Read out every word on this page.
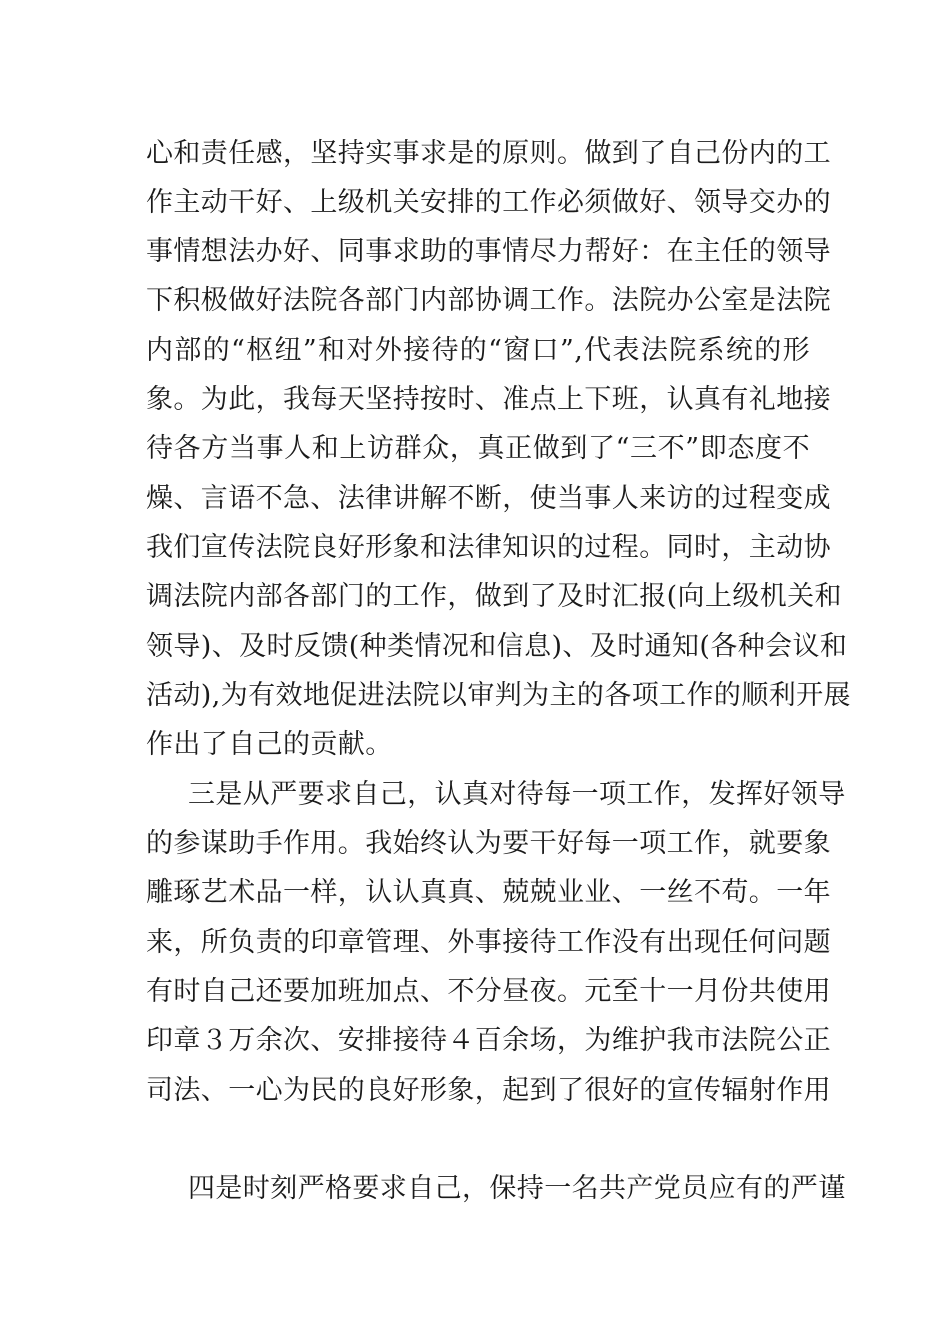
心和责任感，坚持实事求是的原则。做到了自己份内的工
作主动干好、上级机关安排的工作必须做好、领导交办的
事情想法办好、同事求助的事情尽力帮好：在主任的领导
下积极做好法院各部门内部协调工作。法院办公室是法院
内部的“枢纽”和对外接待的“窗口”,代表法院系统的形
象。为此，我每天坚持按时、准点上下班，认真有礼地接
待各方当事人和上访群众，真正做到了“三不”即态度不
燥、言语不急、法律讲解不断，使当事人来访的过程变成
我们宣传法院良好形象和法律知识的过程。同时，主动协
调法院内部各部门的工作，做到了及时汇报(向上级机关和
领导)、及时反馈(种类情况和信息)、及时通知(各种会议和
活动),为有效地促进法院以审判为主的各项工作的顺利开展
作出了自己的贡献。
三是从严要求自己，认真对待每一项工作，发挥好领导
的参谋助手作用。我始终认为要干好每一项工作，就要象
雕琢艺术品一样，认认真真、兢兢业业、一丝不苟。一年
来，所负责的印章管理、外事接待工作没有出现任何问题
有时自己还要加班加点、不分昼夜。元至十一月份共使用
印章３万余次、安排接待４百余场，为维护我市法院公正
司法、一心为民的良好形象，起到了很好的宣传辐射作用
四是时刻严格要求自己，保持一名共产党员应有的严谨
